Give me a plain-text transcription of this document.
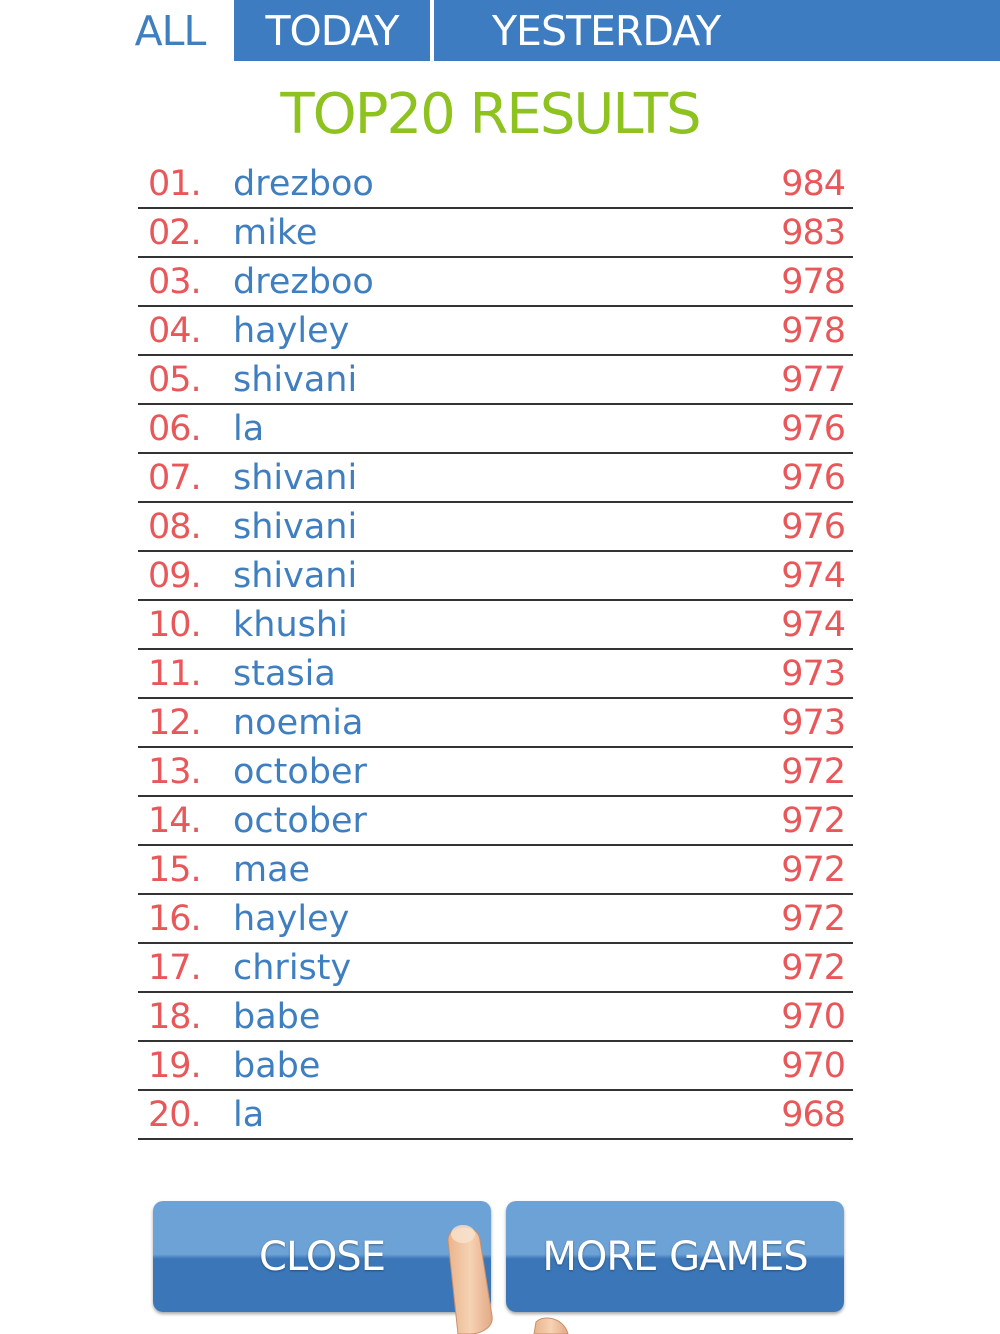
ALL	TODAY	YESTERDAY
TOP20 RESULTS
01. drezboo	984
02. mike	983
03. drezboo	978
04. hayley	978
05. shivani	977
06. la	976
07. shivani	976
08. shivani	976
09. shivani	974
10. khushi	974
11. stasia	973
12. noemia	973
13. october	972
14. october	972
15. mae	972
16. hayley	972
17. christy	972
18. babe	970
19. babe	970
20. la	968
CLOSE	MORE GAMES
